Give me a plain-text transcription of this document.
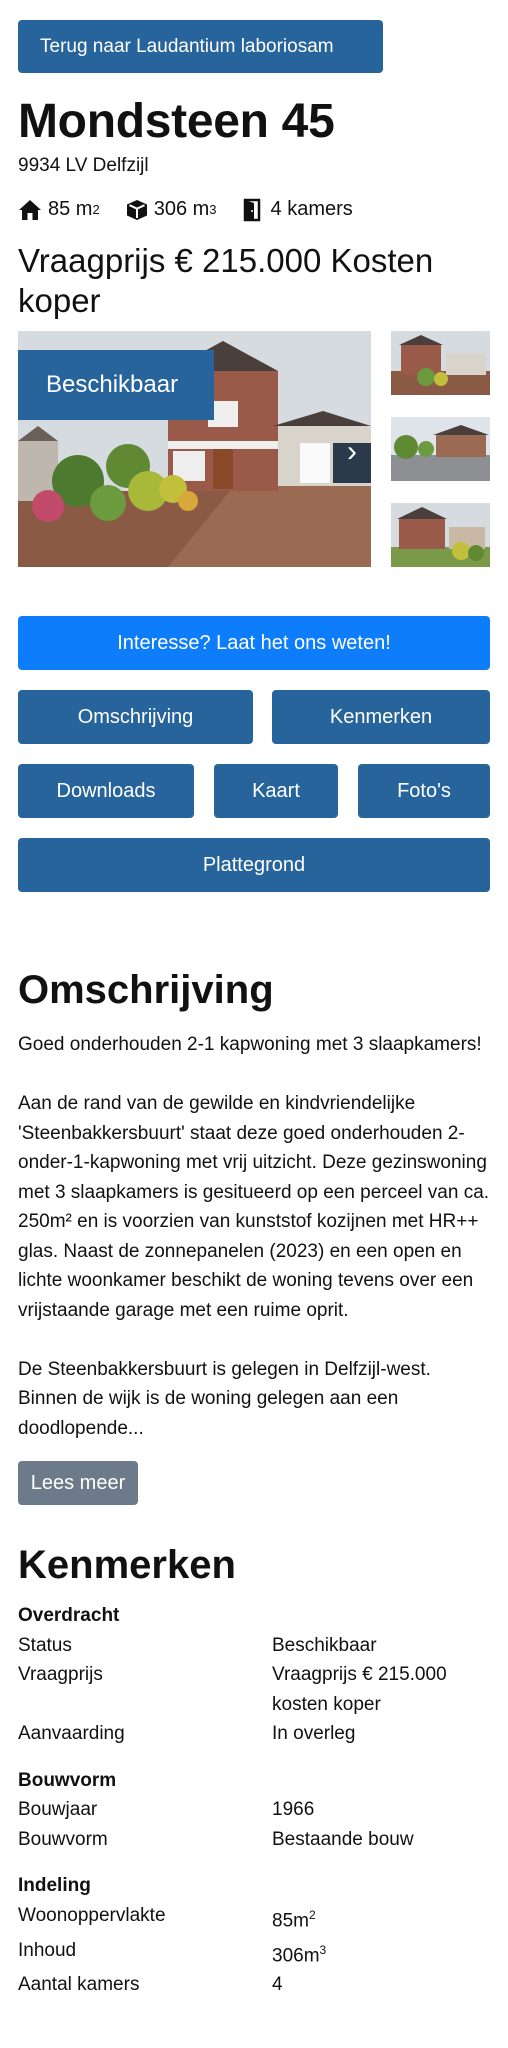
Terug naar Laudantium laboriosam
Mondsteen 45
9934 LV Delfzijl
85 m 2	306 m 3	4 kamers
Vraagprijs € 215.000 Kosten koper
Beschikbaar
›
Interesse? Laat het ons weten!
Omschrijving	Kenmerken
Downloads	Kaart	Foto's
Plattegrond
Omschrijving
Goed onderhouden 2-1 kapwoning met 3 slaapkamers!

Aan de rand van de gewilde en kindvriendelijke 'Steenbakkersbuurt' staat deze goed onderhouden 2-onder-1-kapwoning met vrij uitzicht. Deze gezinswoning met 3 slaapkamers is gesitueerd op een perceel van ca. 250m² en is voorzien van kunststof kozijnen met HR++ glas. Naast de zonnepanelen (2023) en een open en lichte woonkamer beschikt de woning tevens over een vrijstaande garage met een ruime oprit.

De Steenbakkersbuurt is gelegen in Delfzijl-west. Binnen de wijk is de woning gelegen aan een doodlopende...
Lees meer
Kenmerken
Overdracht
Status	Beschikbaar
Vraagprijs	Vraagprijs € 215.000 kosten koper
Aanvaarding	In overleg
Bouwvorm
Bouwjaar	1966
Bouwvorm	Bestaande bouw
Indeling
Woonoppervlakte	$85m^2$
Inhoud	$306m^3$
Aantal kamers	4
